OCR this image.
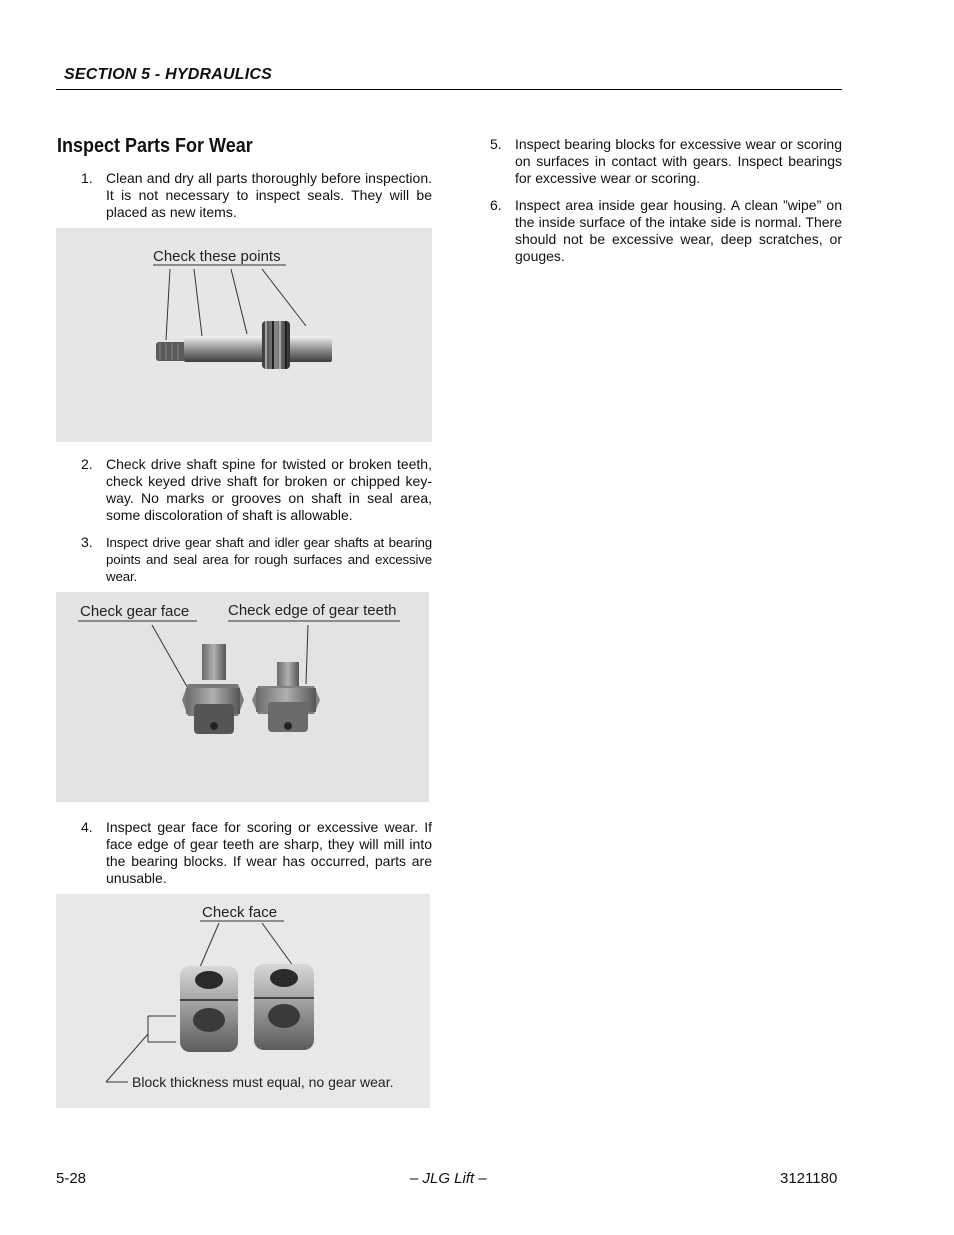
SECTION 5 - HYDRAULICS
Inspect Parts For Wear
1. Clean and dry all parts thoroughly before inspection. It is not necessary to inspect seals. They will be placed as new items.
Check these points
2. Check drive shaft spine for twisted or broken teeth, check keyed drive shaft for broken or chipped key-way. No marks or grooves on shaft in seal area, some discoloration of shaft is allowable.
3. Inspect drive gear shaft and idler gear shafts at bearing points and seal area for rough surfaces and excessive wear.
Check gear face	Check edge of gear teeth
4. Inspect gear face for scoring or excessive wear. If face edge of gear teeth are sharp, they will mill into the bearing blocks. If wear has occurred, parts are unusable.
Check face
Block thickness must equal, no gear wear.
5. Inspect bearing blocks for excessive wear or scoring on surfaces in contact with gears. Inspect bearings for excessive wear or scoring.
6. Inspect area inside gear housing. A clean ”wipe” on the inside surface of the intake side is normal. There should not be excessive wear, deep scratches, or gouges.
5-28	– JLG Lift –	3121180
